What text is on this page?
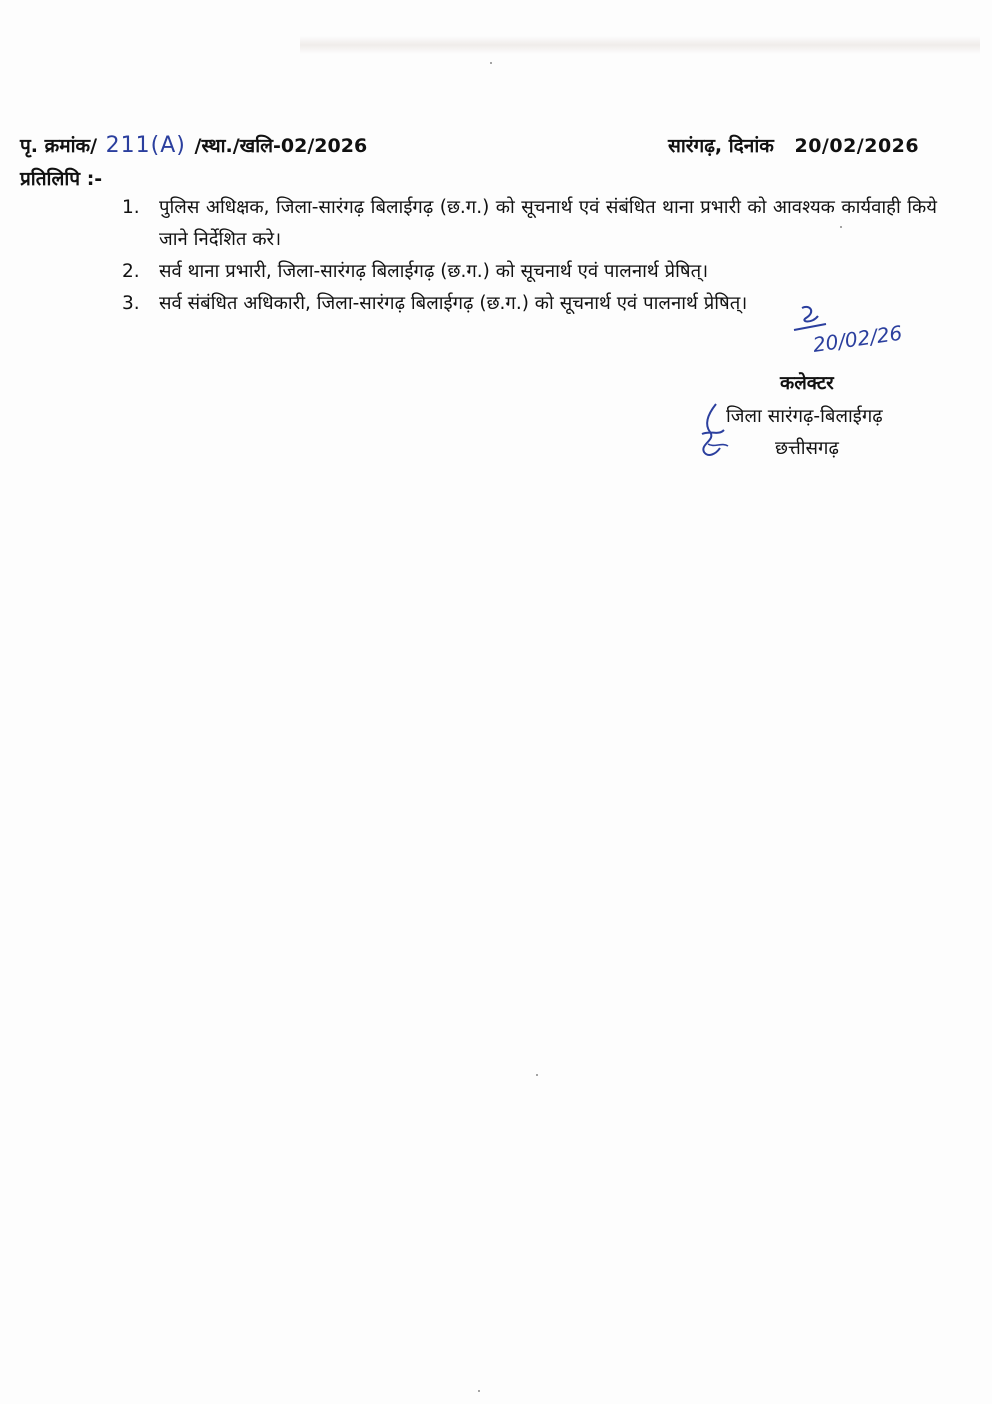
पृ. क्रमांक/ 211(A) /स्था./खलि-02/2026	सारंगढ़, दिनांक 20/02/2026
प्रतिलिपि :-
1. पुलिस अधिक्षक, जिला-सारंगढ़ बिलाईगढ़ (छ.ग.) को सूचनार्थ एवं संबंधित थाना प्रभारी को आवश्यक कार्यवाही किये जाने निर्देशित करे।
2. सर्व थाना प्रभारी, जिला-सारंगढ़ बिलाईगढ़ (छ.ग.) को सूचनार्थ एवं पालनार्थ प्रेषित्।
3. सर्व संबंधित अधिकारी, जिला-सारंगढ़ बिलाईगढ़ (छ.ग.) को सूचनार्थ एवं पालनार्थ प्रेषित्।
20/02/26
कलेक्टर
जिला सारंगढ़-बिलाईगढ़
छत्तीसगढ़
